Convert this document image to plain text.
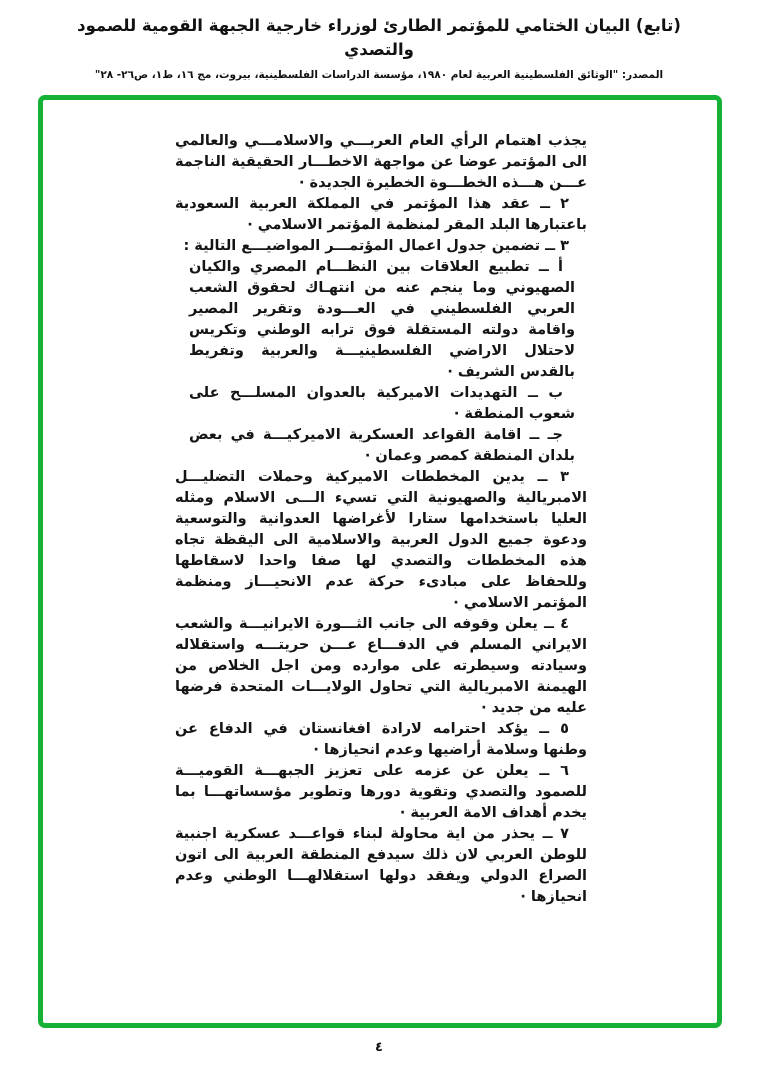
(تابع) البيان الختامي للمؤتمر الطارئ لوزراء خارجية الجبهة القومية للصمود والتصدي
المصدر: "الوثائق الفلسطينية العربية لعام ١٩٨٠، مؤسسة الدراسات الفلسطينية، بيروت، مج ١٦، ط١، ص٢٦- ٢٨"

يجذب اهتمام الرأي العام العربـــي والاسلامـــي والعالمي الى المؤتمر عوضا عن مواجهة الاخطـــار الحقيقية الناجمة عـــن هـــذه الخطـــوة الخطيرة الجديدة ·

٢ ــ عقد هذا المؤتمر في المملكة العربية السعودية باعتبارها البلد المقر لمنظمة المؤتمر الاسلامي ·

٣ ــ تضمين جدول اعمال المؤتمـــر المواضيـــع التالية :

أ ــ تطبيع العلاقات بين النظـــام المصري والكيان الصهيوني وما ينجم عنه من انتهـاك لحقوق الشعب العربي الفلسطيني في العـــودة وتقرير المصير واقامة دولته المستقلة فوق ترابه الوطني وتكريس لاحتلال الاراضي الفلسطينيـــة والعربية وتفريط بالقدس الشريف ·

ب ــ التهديدات الاميركية بالعدوان المسلـــح على شعوب المنطقة ·

جـ ــ اقامة القواعد العسكرية الاميركيـــة في بعض بلدان المنطقة كمصر وعمان ·

٣ ــ يدين المخططات الاميركية وحملات التضليـــل الامبريالية والصهيونية التي تسيء الـــى الاسلام ومثله العليا باستخدامها ستارا لأغراضها العدوانية والتوسعية ودعوة جميع الدول العربية والاسلامية الى اليقظة تجاه هذه المخططات والتصدي لها صفا واحدا لاسقاطها وللحفاظ على مبادىء حركة عدم الانحيـــاز ومنظمة المؤتمر الاسلامي ·

٤ ــ يعلن وقوفه الى جانب الثـــورة الايرانيـــة والشعب الايراني المسلم في الدفـــاع عـــن حريتـــه واستقلاله وسيادته وسيطرته على موارده ومن اجل الخلاص من الهيمنة الامبريالية التي تحاول الولايـــات المتحدة فرضها عليه من جديد ·

٥ ــ يؤكد احترامه لارادة افغانستان في الدفاع عن وطنها وسلامة أراضيها وعدم انحيازها ·

٦ ــ يعلن عن عزمه على تعزيز الجبهـــة القوميـــة للصمود والتصدي وتقوية دورها وتطوير مؤسساتهـــا بما يخدم أهداف الامة العربية ·

٧ ــ يحذر من اية محاولة لبناء قواعـــد عسكرية اجنبية للوطن العربي لان ذلك سيدفع المنطقة العربية الى اتون الصراع الدولي ويفقد دولها استقلالهـــا الوطني وعدم انحيازها ·

٤
